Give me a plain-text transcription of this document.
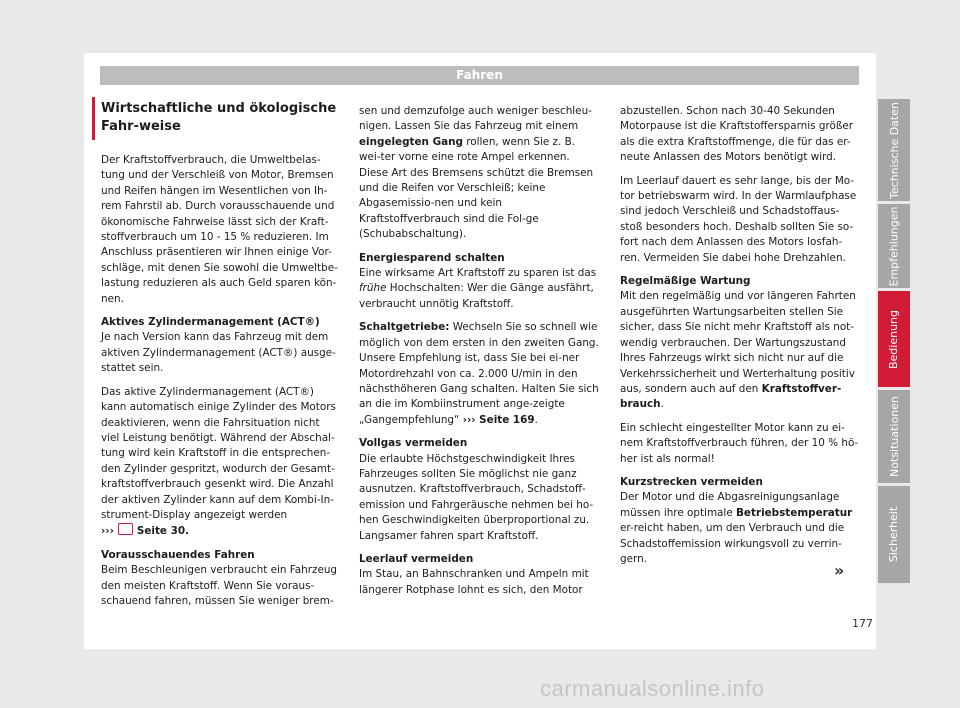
Fahren
Wirtschaftliche und ökologische Fahr-weise

Der Kraftstoffverbrauch, die Umweltbelas-tung und der Verschleiß von Motor, Bremsen und Reifen hängen im Wesentlichen von Ih-rem Fahrstil ab. Durch vorausschauende und ökonomische Fahrweise lässt sich der Kraft-stoffverbrauch um 10 - 15 % reduzieren. Im Anschluss präsentieren wir Ihnen einige Vor-schläge, mit denen Sie sowohl die Umweltbe-lastung reduzieren als auch Geld sparen kön-nen.

Aktives Zylindermanagement (ACT®)

Je nach Version kann das Fahrzeug mit dem aktiven Zylindermanagement (ACT®) ausge-stattet sein.

Das aktive Zylindermanagement (ACT®) kann automatisch einige Zylinder des Motors deaktivieren, wenn die Fahrsituation nicht viel Leistung benötigt. Während der Abschal-tung wird kein Kraftstoff in die entsprechen-den Zylinder gespritzt, wodurch der Gesamt-kraftstoffverbrauch gesenkt wird. Die Anzahl der aktiven Zylinder kann auf dem Kombi-In-strument-Display angezeigt werden
››› Seite 30.

Vorausschauendes Fahren

Beim Beschleunigen verbraucht ein Fahrzeug den meisten Kraftstoff. Wenn Sie voraus-schauend fahren, müssen Sie weniger brem-

sen und demzufolge auch weniger beschleu-nigen. Lassen Sie das Fahrzeug mit einem eingelegten Gang rollen, wenn Sie z. B. wei-ter vorne eine rote Ampel erkennen. Diese Art des Bremsens schützt die Bremsen und die Reifen vor Verschleiß; keine Abgasemissio-nen und kein Kraftstoffverbrauch sind die Fol-ge (Schubabschaltung).

Energiesparend schalten

Eine wirksame Art Kraftstoff zu sparen ist das frühe Hochschalten: Wer die Gänge ausfährt, verbraucht unnötig Kraftstoff.

Schaltgetriebe: Wechseln Sie so schnell wie möglich von dem ersten in den zweiten Gang. Unsere Empfehlung ist, dass Sie bei ei-ner Motordrehzahl von ca. 2.000 U/min in den nächsthöheren Gang schalten. Halten Sie sich an die im Kombiinstrument ange-zeigte „Gangempfehlung“ ››› Seite 169.

Vollgas vermeiden

Die erlaubte Höchstgeschwindigkeit Ihres Fahrzeuges sollten Sie möglichst nie ganz ausnutzen. Kraftstoffverbrauch, Schadstoff-emission und Fahrgeräusche nehmen bei ho-hen Geschwindigkeiten überproportional zu. Langsamer fahren spart Kraftstoff.

Leerlauf vermeiden

Im Stau, an Bahnschranken und Ampeln mit längerer Rotphase lohnt es sich, den Motor

abzustellen. Schon nach 30-40 Sekunden Motorpause ist die Kraftstoffersparnis größer als die extra Kraftstoffmenge, die für das er-neute Anlassen des Motors benötigt wird.

Im Leerlauf dauert es sehr lange, bis der Mo-tor betriebswarm wird. In der Warmlaufphase sind jedoch Verschleiß und Schadstoffaus-stoß besonders hoch. Deshalb sollten Sie so-fort nach dem Anlassen des Motors losfah-ren. Vermeiden Sie dabei hohe Drehzahlen.

Regelmäßige Wartung

Mit den regelmäßig und vor längeren Fahrten ausgeführten Wartungsarbeiten stellen Sie sicher, dass Sie nicht mehr Kraftstoff als not-wendig verbrauchen. Der Wartungszustand Ihres Fahrzeugs wirkt sich nicht nur auf die Verkehrssicherheit und Werterhaltung positiv aus, sondern auch auf den Kraftstoffver-brauch.

Ein schlecht eingestellter Motor kann zu ei-nem Kraftstoffverbrauch führen, der 10 % hö-her ist als normal!

Kurzstrecken vermeiden

Der Motor und die Abgasreinigungsanlage müssen ihre optimale Betriebstemperatur er-reicht haben, um den Verbrauch und die Schadstoffemission wirkungsvoll zu verrin-gern.

»
Technische Daten
Empfehlungen
Bedienung
Notsituationen
Sicherheit
177
carmanualsonline.info
